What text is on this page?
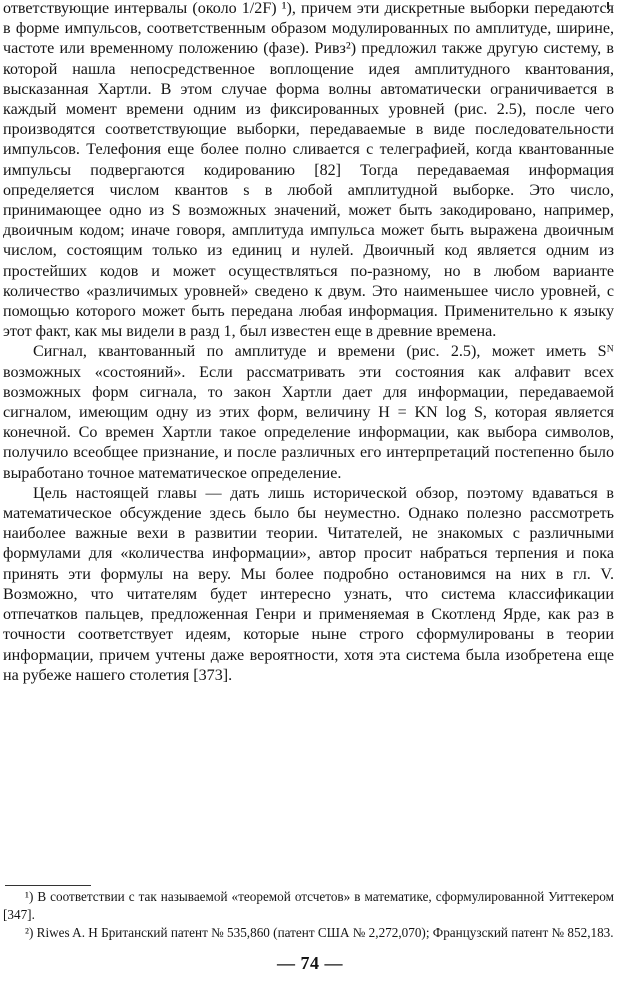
ответствующие интервалы (около 1/2F) ¹), причем эти дискретные выборки передаются в форме импульсов, соответственным образом модулированных по амплитуде, ширине, частоте или временному положению (фазе). Ривз²) предложил также другую систему, в которой нашла непосредственное воплощение идея амплитудного квантования, высказанная Хартли. В этом случае форма волны автоматически ограничивается в каждый момент времени одним из фиксированных уровней (рис. 2.5), после чего производятся соответствующие выборки, передаваемые в виде последовательности импульсов. Телефония еще более полно сливается с телеграфией, когда квантованные импульсы подвергаются кодированию [82] Тогда передаваемая информация определяется числом квантов s в любой амплитудной выборке. Это число, принимающее одно из S возможных значений, может быть закодировано, например, двоичным кодом; иначе говоря, амплитуда импульса может быть выражена двоичным числом, состоящим только из единиц и нулей. Двоичный код является одним из простейших кодов и может осуществляться по-разному, но в любом варианте количество «различимых уровней» сведено к двум. Это наименьшее число уровней, с помощью которого может быть передана любая информация. Применительно к языку этот факт, как мы видели в разд 1, был известен еще в древние времена.

Сигнал, квантованный по амплитуде и времени (рис. 2.5), может иметь Sᴺ возможных «состояний». Если рассматривать эти состояния как алфавит всех возможных форм сигнала, то закон Хартли дает для информации, передаваемой сигналом, имеющим одну из этих форм, величину H = KN log S, которая является конечной. Со времен Хартли такое определение информации, как выбора символов, получило всеобщее признание, и после различных его интерпретаций постепенно было выработано точное математическое определение.

Цель настоящей главы — дать лишь исторической обзор, поэтому вдаваться в математическое обсуждение здесь было бы неуместно. Однако полезно рассмотреть наиболее важные вехи в развитии теории. Читателей, не знакомых с различными формулами для «количества информации», автор просит набраться терпения и пока принять эти формулы на веру. Мы более подробно остановимся на них в гл. V. Возможно, что читателям будет интересно узнать, что система классификации отпечатков пальцев, предложенная Генри и применяемая в Скотленд Ярде, как раз в точности соответствует идеям, которые ныне строго сформулированы в теории информации, причем учтены даже вероятности, хотя эта система была изобретена еще на рубеже нашего столетия [373].

¹) В соответствии с так называемой «теоремой отсчетов» в математике, сформулированной Уиттекером [347].

²) Riwes A. H Британский патент № 535,860 (патент США № 2,272,070); Французский патент № 852,183.

— 74 —
